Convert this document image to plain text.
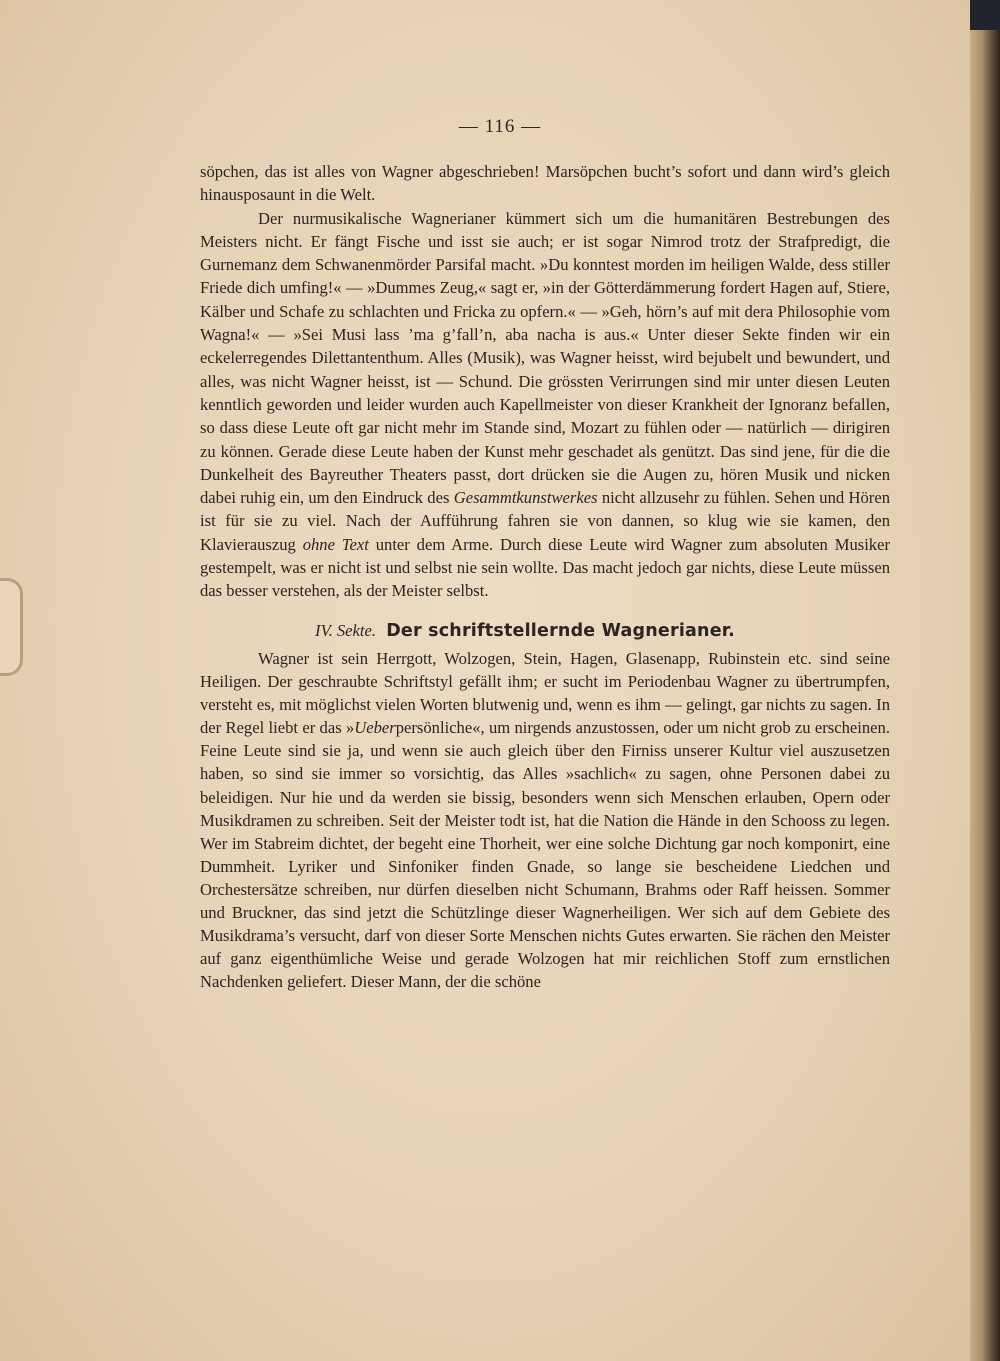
— 116 —

söpchen, das ist alles von Wagner abgeschrieben! Marsöpchen bucht’s sofort und dann wird’s gleich hinausposaunt in die Welt.

Der nurmusikalische Wagnerianer kümmert sich um die humanitären Bestrebungen des Meisters nicht. Er fängt Fische und isst sie auch; er ist sogar Nimrod trotz der Strafpredigt, die Gurnemanz dem Schwanenmörder Parsifal macht. »Du konntest morden im heiligen Walde, dess stiller Friede dich umfing!« — »Dummes Zeug,« sagt er, »in der Götterdämmerung fordert Hagen auf, Stiere, Kälber und Schafe zu schlachten und Fricka zu opfern.« — »Geh, hörn’s auf mit dera Philosophie vom Wagna!« — »Sei Musi lass ’ma g’fall’n, aba nacha is aus.« Unter dieser Sekte finden wir ein eckelerregendes Dilettantenthum. Alles (Musik), was Wagner heisst, wird bejubelt und bewundert, und alles, was nicht Wagner heisst, ist — Schund. Die grössten Verirrungen sind mir unter diesen Leuten kenntlich geworden und leider wurden auch Kapellmeister von dieser Krankheit der Ignoranz befallen, so dass diese Leute oft gar nicht mehr im Stande sind, Mozart zu fühlen oder — natürlich — dirigiren zu können. Gerade diese Leute haben der Kunst mehr geschadet als genützt. Das sind jene, für die die Dunkelheit des Bayreuther Theaters passt, dort drücken sie die Augen zu, hören Musik und nicken dabei ruhig ein, um den Eindruck des Gesammtkunstwerkes nicht allzusehr zu fühlen. Sehen und Hören ist für sie zu viel. Nach der Aufführung fahren sie von dannen, so klug wie sie kamen, den Klavierauszug ohne Text unter dem Arme. Durch diese Leute wird Wagner zum absoluten Musiker gestempelt, was er nicht ist und selbst nie sein wollte. Das macht jedoch gar nichts, diese Leute müssen das besser verstehen, als der Meister selbst.

IV. Sekte. Der schriftstellernde Wagnerianer.

Wagner ist sein Herrgott, Wolzogen, Stein, Hagen, Glasenapp, Rubinstein etc. sind seine Heiligen. Der geschraubte Schriftstyl gefällt ihm; er sucht im Periodenbau Wagner zu übertrumpfen, versteht es, mit möglichst vielen Worten blutwenig und, wenn es ihm — gelingt, gar nichts zu sagen. In der Regel liebt er das »Ueberpersönliche«, um nirgends anzustossen, oder um nicht grob zu erscheinen. Feine Leute sind sie ja, und wenn sie auch gleich über den Firniss unserer Kultur viel auszusetzen haben, so sind sie immer so vorsichtig, das Alles »sachlich« zu sagen, ohne Personen dabei zu beleidigen. Nur hie und da werden sie bissig, besonders wenn sich Menschen erlauben, Opern oder Musikdramen zu schreiben. Seit der Meister todt ist, hat die Nation die Hände in den Schooss zu legen. Wer im Stabreim dichtet, der begeht eine Thorheit, wer eine solche Dichtung gar noch komponirt, eine Dummheit. Lyriker und Sinfoniker finden Gnade, so lange sie bescheidene Liedchen und Orchestersätze schreiben, nur dürfen dieselben nicht Schumann, Brahms oder Raff heissen. Sommer und Bruckner, das sind jetzt die Schützlinge dieser Wagnerheiligen. Wer sich auf dem Gebiete des Musikdrama’s versucht, darf von dieser Sorte Menschen nichts Gutes erwarten. Sie rächen den Meister auf ganz eigenthümliche Weise und gerade Wolzogen hat mir reichlichen Stoff zum ernstlichen Nachdenken geliefert. Dieser Mann, der die schöne
